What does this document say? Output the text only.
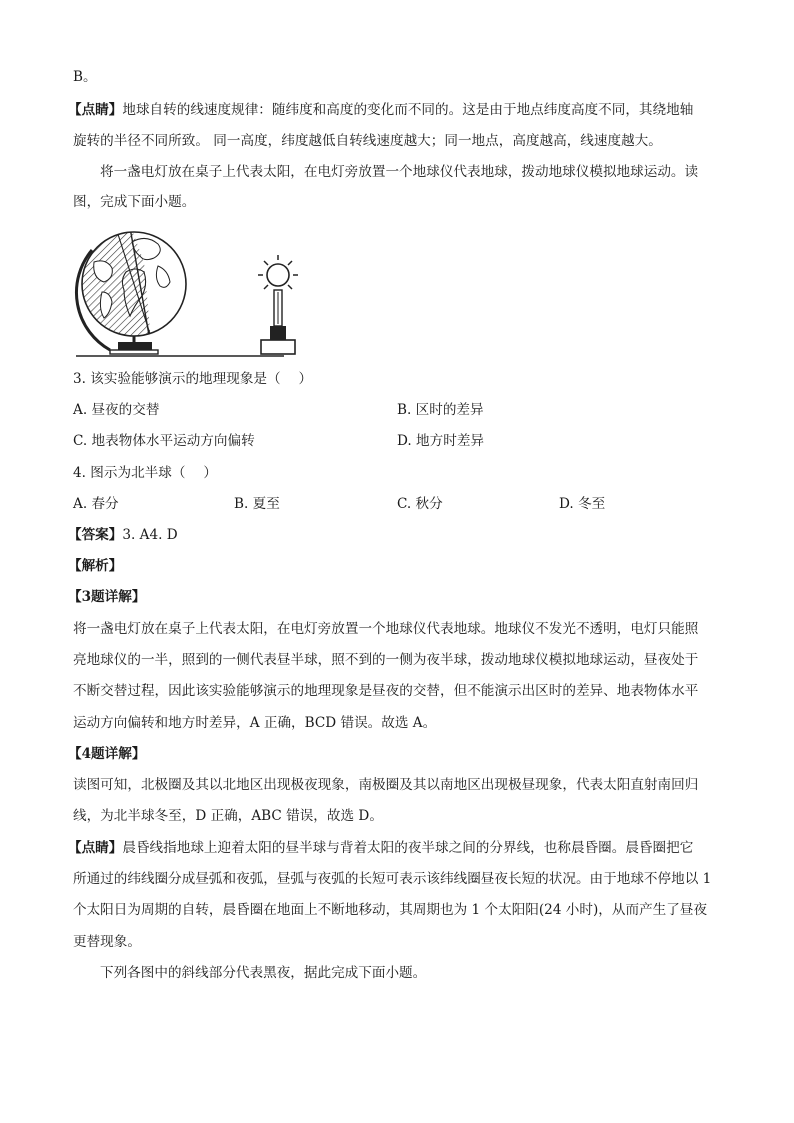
B。
【点睛】地球自转的线速度规律：随纬度和高度的变化而不同的。这是由于地点纬度高度不同，其绕地轴
旋转的半径不同所致。 同一高度，纬度越低自转线速度越大；同一地点，高度越高，线速度越大。
将一盏电灯放在桌子上代表太阳，在电灯旁放置一个地球仪代表地球，拨动地球仪模拟地球运动。读
图，完成下面小题。
3. 该实验能够演示的地理现象是（　 ）
A. 昼夜的交替	B. 区时的差异
C. 地表物体水平运动方向偏转	D. 地方时差异
4. 图示为北半球（　 ）
A. 春分	B. 夏至	C. 秋分	D. 冬至
【答案】3. A4. D
【解析】
【3题详解】
将一盏电灯放在桌子上代表太阳，在电灯旁放置一个地球仪代表地球。地球仪不发光不透明，电灯只能照
亮地球仪的一半，照到的一侧代表昼半球，照不到的一侧为夜半球，拨动地球仪模拟地球运动，昼夜处于
不断交替过程，因此该实验能够演示的地理现象是昼夜的交替，但不能演示出区时的差异、地表物体水平
运动方向偏转和地方时差异，A 正确，BCD 错误。故选 A。
【4题详解】
读图可知，北极圈及其以北地区出现极夜现象，南极圈及其以南地区出现极昼现象，代表太阳直射南回归
线，为北半球冬至，D 正确，ABC 错误，故选 D。
【点睛】晨昏线指地球上迎着太阳的昼半球与背着太阳的夜半球之间的分界线，也称晨昏圈。晨昏圈把它
所通过的纬线圈分成昼弧和夜弧，昼弧与夜弧的长短可表示该纬线圈昼夜长短的状况。由于地球不停地以 1
个太阳日为周期的自转，晨昏圈在地面上不断地移动，其周期也为 1 个太阳阳(24 小时)，从而产生了昼夜
更替现象。
下列各图中的斜线部分代表黑夜，据此完成下面小题。
